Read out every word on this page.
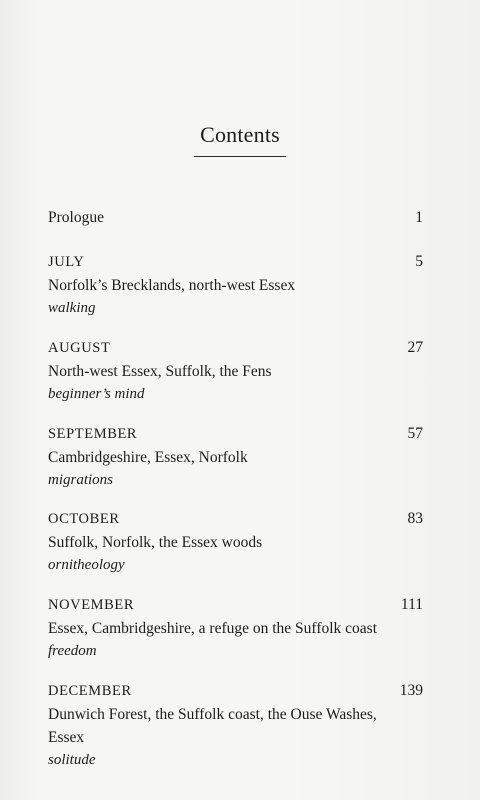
Contents
Prologue	1
JULY	5
Norfolk’s Brecklands, north-west Essex
walking
AUGUST	27
North-west Essex, Suffolk, the Fens
beginner’s mind
SEPTEMBER	57
Cambridgeshire, Essex, Norfolk
migrations
OCTOBER	83
Suffolk, Norfolk, the Essex woods
ornitheology
NOVEMBER	111
Essex, Cambridgeshire, a refuge on the Suffolk coast
freedom
DECEMBER	139
Dunwich Forest, the Suffolk coast, the Ouse Washes,
Essex
solitude
